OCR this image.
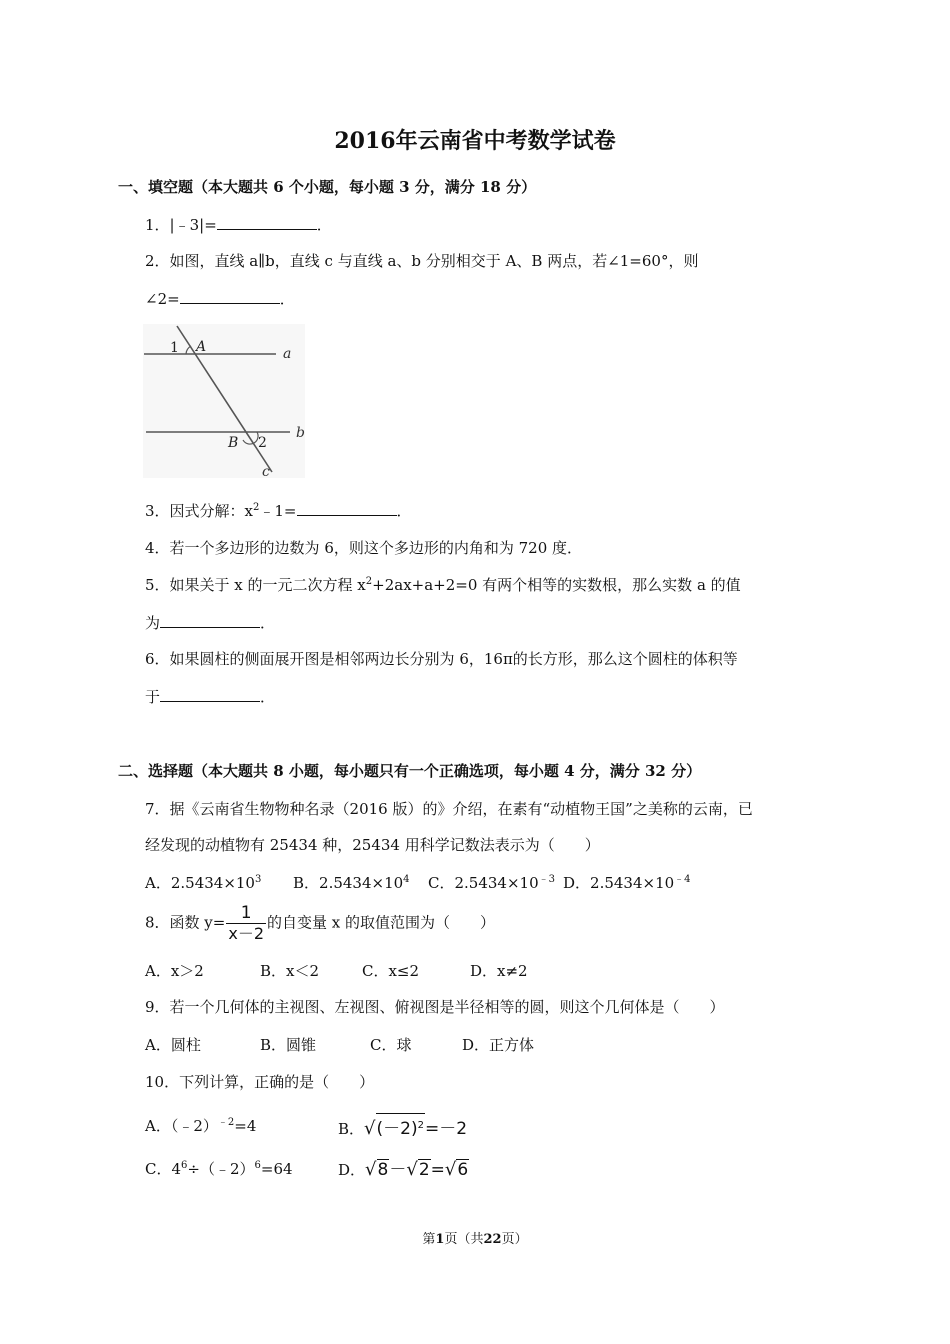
2016年云南省中考数学试卷
一、填空题（本大题共 6 个小题，每小题 3 分，满分 18 分）
1．|﹣3|=	．
2．如图，直线 a∥b，直线 c 与直线 a、b 分别相交于 A、B 两点，若∠1=60°，则
∠2=	．
1 A	a
B 2
b
c
3．因式分解：$x^2﹣1=$	．
4．若一个多边形的边数为 6，则这个多边形的内角和为 720 度．
5．如果关于 x 的一元二次方程 $x^2+2ax+a+2=0$ 有两个相等的实数根，那么实数 a 的值
为	．
6．如果圆柱的侧面展开图是相邻两边长分别为 6，16π的长方形，那么这个圆柱的体积等
于	．
二、选择题（本大题共 8 小题，每小题只有一个正确选项，每小题 4 分，满分 32 分）
7．据《云南省生物物种名录（2016 版）的》介绍，在素有“动植物王国”之美称的云南，已
经发现的动植物有 25434 种，25434 用科学记数法表示为（　　）
A．$2.5434\times 10^3$ B．$2.5434\times 10^4$ C．$2.5434\times 10^{﹣3}$ D．$2.5434\times 10^{﹣4}$
8．函数 $y= \frac{1}{x-2}$ 的自变量 x 的取值范围为（　　）
A．x＞2	B．x＜2	C．x≤2	D．x≠2
9．若一个几何体的主视图、左视图、俯视图是半径相等的圆，则这个几何体是（　　）
A．圆柱	B．圆锥	C．球	D．正方体
10．下列计算，正确的是（　　）
A．（﹣2）$^{﹣2}$=4	B．$√(-2)^2=-2$
C．$4^6\div(﹣2)^6=64$	D．√8－√2=√6
第1页（共22页）
